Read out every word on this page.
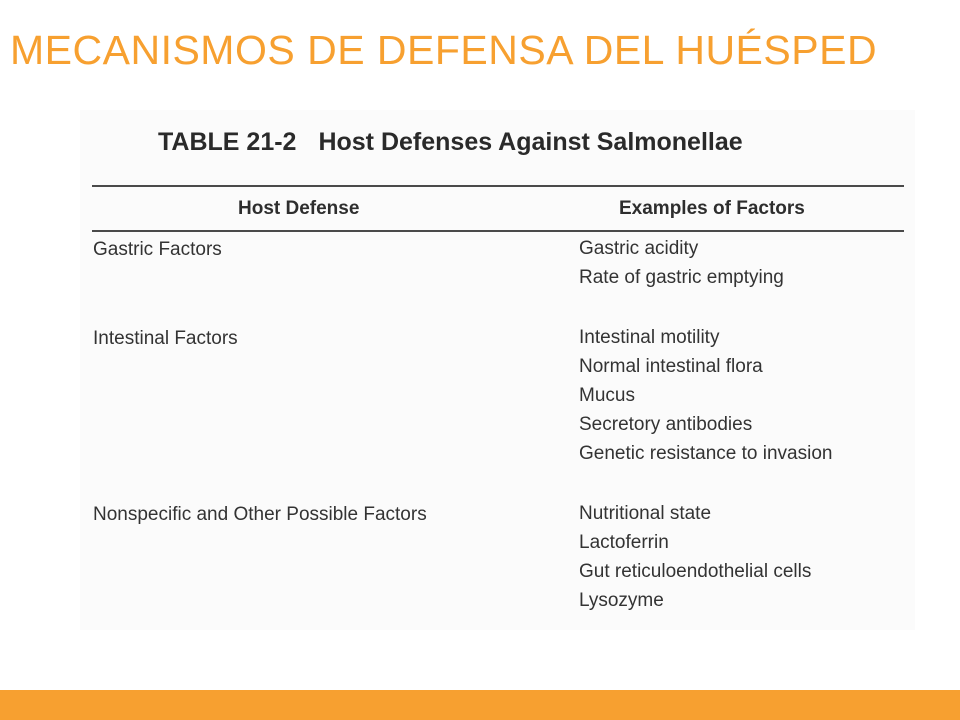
MECANISMOS DE DEFENSA DEL HUÉSPED
TABLE 21-2 Host Defenses Against Salmonellae
Host Defense	Examples of Factors
Gastric Factors	Gastric acidity
Rate of gastric emptying
Intestinal Factors	Intestinal motility
Normal intestinal flora
Mucus
Secretory antibodies
Genetic resistance to invasion
Nonspecific and Other Possible Factors	Nutritional state
Lactoferrin
Gut reticuloendothelial cells
Lysozyme
